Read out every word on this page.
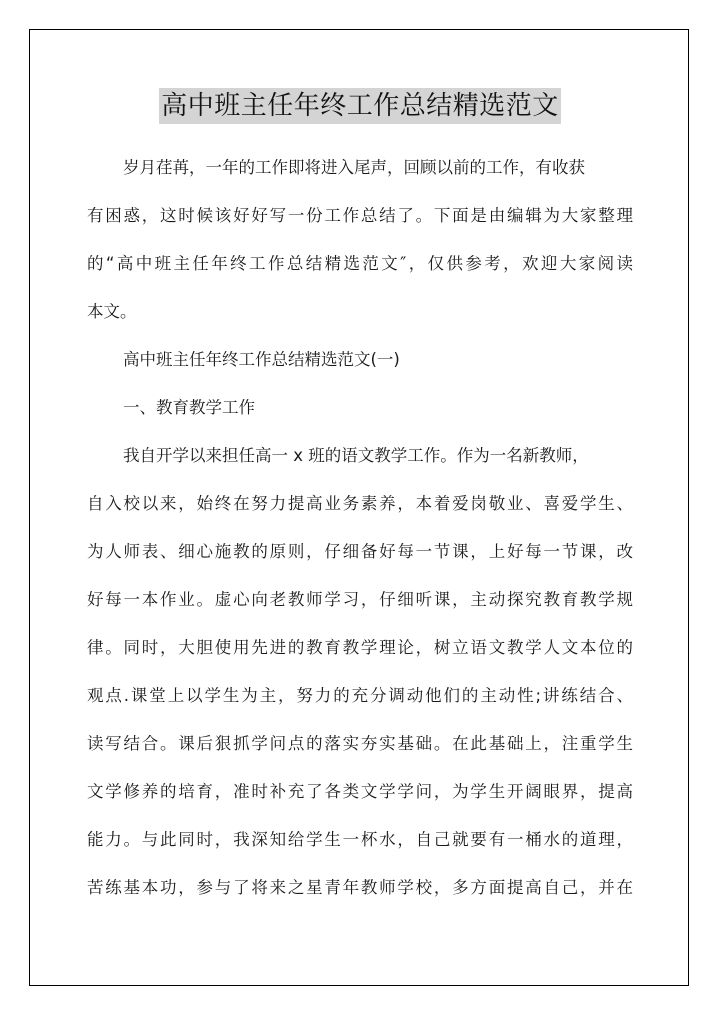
高中班主任年终工作总结精选范文
岁月荏苒，一年的工作即将进入尾声，回顾以前的工作，有收获
有困惑，这时候该好好写一份工作总结了。下面是由编辑为大家整理
的“高中班主任年终工作总结精选范文″，仅供参考，欢迎大家阅读
本文。
高中班主任年终工作总结精选范文(一)
一、教育教学工作
我自开学以来担任高一 x 班的语文教学工作。作为一名新教师，
自入校以来，始终在努力提高业务素养，本着爱岗敬业、喜爱学生、
为人师表、细心施教的原则，仔细备好每一节课，上好每一节课，改
好每一本作业。虚心向老教师学习，仔细听课，主动探究教育教学规
律。同时，大胆使用先进的教育教学理论，树立语文教学人文本位的
观点.课堂上以学生为主，努力的充分调动他们的主动性;讲练结合、
读写结合。课后狠抓学问点的落实夯实基础。在此基础上，注重学生
文学修养的培育，准时补充了各类文学学问，为学生开阔眼界，提高
能力。与此同时，我深知给学生一杯水，自己就要有一桶水的道理，
苦练基本功，参与了将来之星青年教师学校，多方面提高自己，并在
